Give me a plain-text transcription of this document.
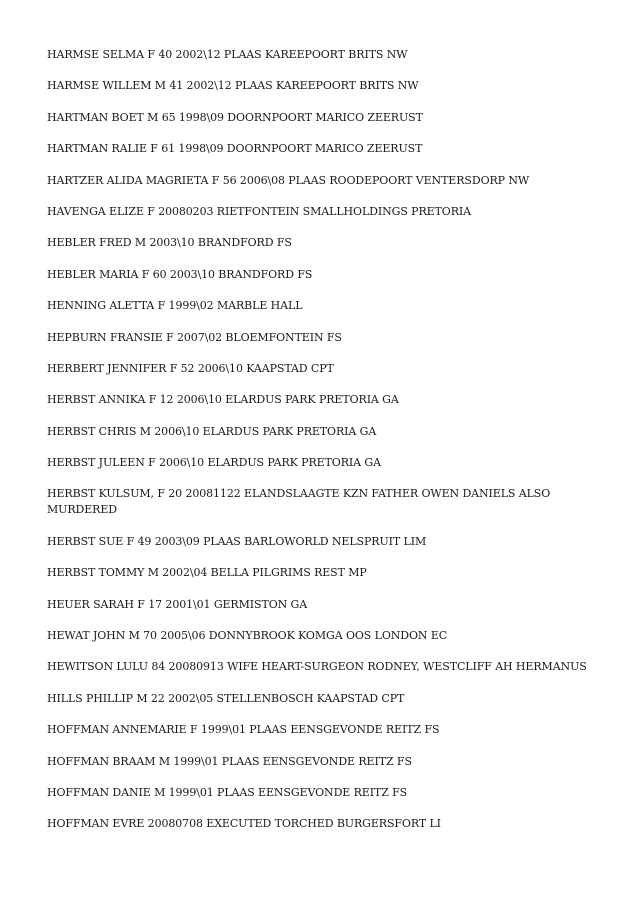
HARMSE SELMA F 40 2002\12 PLAAS KAREEPOORT BRITS NW
HARMSE WILLEM M 41 2002\12 PLAAS KAREEPOORT BRITS NW
HARTMAN BOET M 65 1998\09 DOORNPOORT MARICO ZEERUST
HARTMAN RALIE F 61 1998\09 DOORNPOORT MARICO ZEERUST
HARTZER ALIDA MAGRIETA F 56 2006\08 PLAAS ROODEPOORT VENTERSDORP NW
HAVENGA ELIZE F 20080203 RIETFONTEIN SMALLHOLDINGS PRETORIA
HEBLER FRED M 2003\10 BRANDFORD FS
HEBLER MARIA F 60 2003\10 BRANDFORD FS
HENNING ALETTA F 1999\02 MARBLE HALL
HEPBURN FRANSIE F 2007\02 BLOEMFONTEIN FS
HERBERT JENNIFER F 52 2006\10 KAAPSTAD CPT
HERBST ANNIKA F 12 2006\10 ELARDUS PARK PRETORIA GA
HERBST CHRIS M 2006\10 ELARDUS PARK PRETORIA GA
HERBST JULEEN F 2006\10 ELARDUS PARK PRETORIA GA
HERBST KULSUM, F 20 20081122 ELANDSLAAGTE KZN FATHER OWEN DANIELS ALSO MURDERED
HERBST SUE F 49 2003\09 PLAAS BARLOWORLD NELSPRUIT LIM
HERBST TOMMY M 2002\04 BELLA PILGRIMS REST MP
HEUER SARAH F 17 2001\01 GERMISTON GA
HEWAT JOHN M 70 2005\06 DONNYBROOK KOMGA OOS LONDON EC
HEWITSON LULU 84 20080913 WIFE HEART-SURGEON RODNEY, WESTCLIFF AH HERMANUS
HILLS PHILLIP M 22 2002\05 STELLENBOSCH KAAPSTAD CPT
HOFFMAN ANNEMARIE F 1999\01 PLAAS EENSGEVONDE REITZ FS
HOFFMAN BRAAM M 1999\01 PLAAS EENSGEVONDE REITZ FS
HOFFMAN DANIE M 1999\01 PLAAS EENSGEVONDE REITZ FS
HOFFMAN EVRE 20080708 EXECUTED TORCHED BURGERSFORT LI
